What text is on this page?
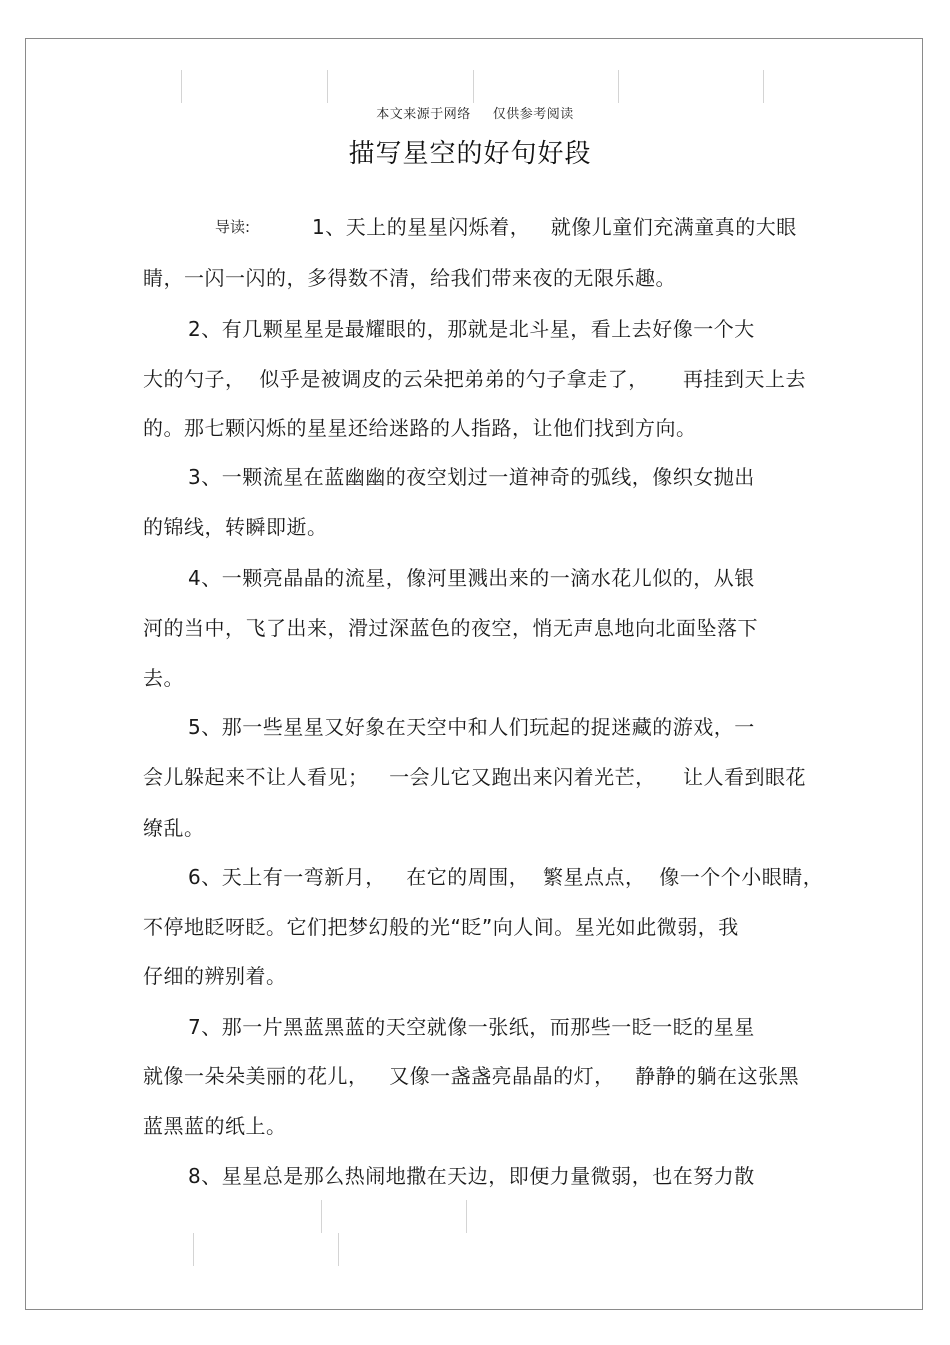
本文来源于网络 仅供参考阅读
描写星空的好句好段
导读:	1、天上的星星闪烁着，   就像儿童们充满童真的大眼
睛，一闪一闪的，多得数不清，给我们带来夜的无限乐趣。
2、有几颗星星是最耀眼的，那就是北斗星，看上去好像一个大
大的勺子，  似乎是被调皮的云朵把弟弟的勺子拿走了，     再挂到天上去
的。那七颗闪烁的星星还给迷路的人指路，让他们找到方向。
3、一颗流星在蓝幽幽的夜空划过一道神奇的弧线，像织女抛出
的锦线，转瞬即逝。
4、一颗亮晶晶的流星，像河里溅出来的一滴水花儿似的，从银
河的当中，飞了出来，滑过深蓝色的夜空，悄无声息地向北面坠落下
去。
5、那一些星星又好象在天空中和人们玩起的捉迷藏的游戏，一
会儿躲起来不让人看见；   一会儿它又跑出来闪着光芒，    让人看到眼花
缭乱。
6、天上有一弯新月，   在它的周围，  繁星点点，  像一个个小眼睛，
不停地眨呀眨。它们把梦幻般的光“眨”向人间。星光如此微弱，我
仔细的辨别着。
7、那一片黑蓝黑蓝的天空就像一张纸，而那些一眨一眨的星星
就像一朵朵美丽的花儿，   又像一盏盏亮晶晶的灯，   静静的躺在这张黑
蓝黑蓝的纸上。
8、星星总是那么热闹地撒在天边，即便力量微弱，也在努力散
